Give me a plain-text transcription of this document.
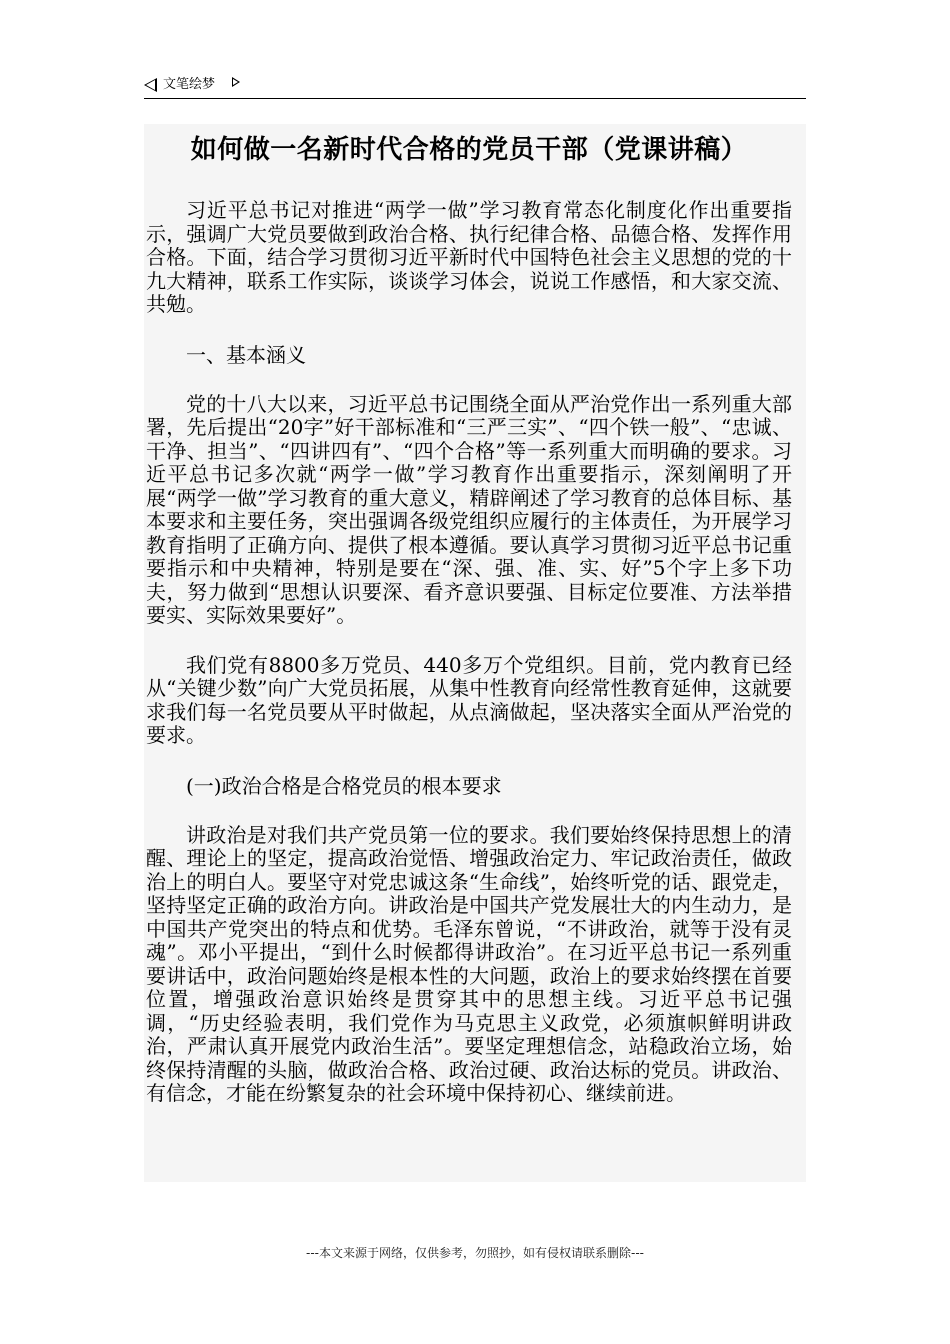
文笔绘梦
如何做一名新时代合格的党员干部（党课讲稿）

习近平总书记对推进“两学一做”学习教育常态化制度化作出重要指示，强调广大党员要做到政治合格、执行纪律合格、品德合格、发挥作用合格。下面，结合学习贯彻习近平新时代中国特色社会主义思想的党的十九大精神，联系工作实际，谈谈学习体会，说说工作感悟，和大家交流、共勉。

一、基本涵义

党的十八大以来，习近平总书记围绕全面从严治党作出一系列重大部署，先后提出“20字”好干部标准和“三严三实”、“四个铁一般”、“忠诚、干净、担当”、“四讲四有”、“四个合格”等一系列重大而明确的要求。习近平总书记多次就“两学一做”学习教育作出重要指示，深刻阐明了开展“两学一做”学习教育的重大意义，精辟阐述了学习教育的总体目标、基本要求和主要任务，突出强调各级党组织应履行的主体责任，为开展学习教育指明了正确方向、提供了根本遵循。要认真学习贯彻习近平总书记重要指示和中央精神，特别是要在“深、强、准、实、好”5个字上多下功夫，努力做到“思想认识要深、看齐意识要强、目标定位要准、方法举措要实、实际效果要好”。

我们党有8800多万党员、440多万个党组织。目前，党内教育已经从“关键少数”向广大党员拓展，从集中性教育向经常性教育延伸，这就要求我们每一名党员要从平时做起，从点滴做起，坚决落实全面从严治党的要求。

(一)政治合格是合格党员的根本要求

讲政治是对我们共产党员第一位的要求。我们要始终保持思想上的清醒、理论上的坚定，提高政治觉悟、增强政治定力、牢记政治责任，做政治上的明白人。要坚守对党忠诚这条“生命线”，始终听党的话、跟党走，坚持坚定正确的政治方向。讲政治是中国共产党发展壮大的内生动力，是中国共产党突出的特点和优势。毛泽东曾说，“不讲政治，就等于没有灵魂”。邓小平提出，“到什么时候都得讲政治”。在习近平总书记一系列重要讲话中，政治问题始终是根本性的大问题，政治上的要求始终摆在首要位置，增强政治意识始终是贯穿其中的思想主线。习近平总书记强调，“历史经验表明，我们党作为马克思主义政党，必须旗帜鲜明讲政治，严肃认真开展党内政治生活”。要坚定理想信念，站稳政治立场，始终保持清醒的头脑，做政治合格、政治过硬、政治达标的党员。讲政治、有信念，才能在纷繁复杂的社会环境中保持初心、继续前进。

---本文来源于网络，仅供参考，勿照抄，如有侵权请联系删除---
